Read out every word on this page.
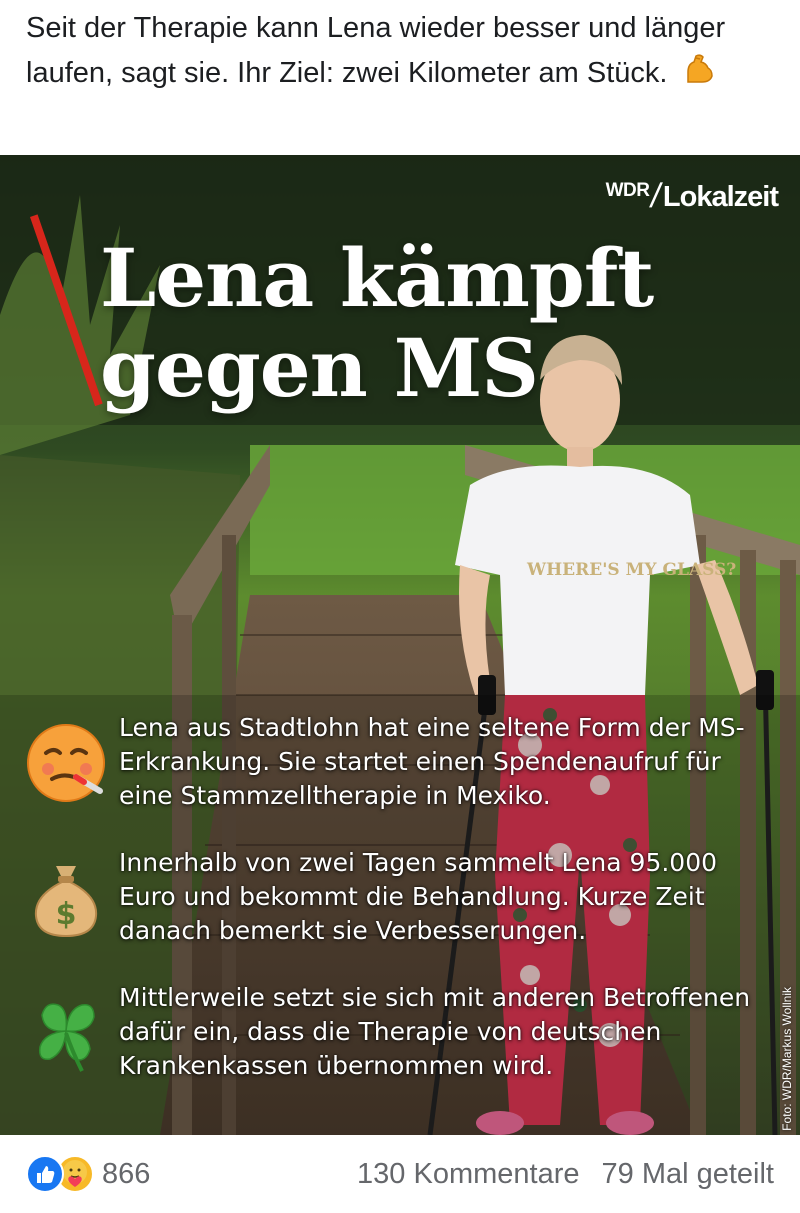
Seit der Therapie kann Lena wieder besser und länger laufen, sagt sie. Ihr Ziel: zwei Kilometer am Stück.
WHERE'S MY GLASS?
WDR
/
Lokalzeit
Lena kämpft
gegen MS
Lena aus Stadtlohn hat eine seltene Form der MS-Erkrankung. Sie startet einen Spendenaufruf für eine Stammzelltherapie in Mexiko.
$
Innerhalb von zwei Tagen sammelt Lena 95.000 Euro und bekommt die Behandlung. Kurze Zeit danach bemerkt sie Verbesserungen.
Mittlerweile setzt sie sich mit anderen Betroffenen dafür ein, dass die Therapie von deutschen Krankenkassen übernommen wird.	Foto: WDR/Markus Wollnik
866	130 Kommentare 79 Mal geteilt
